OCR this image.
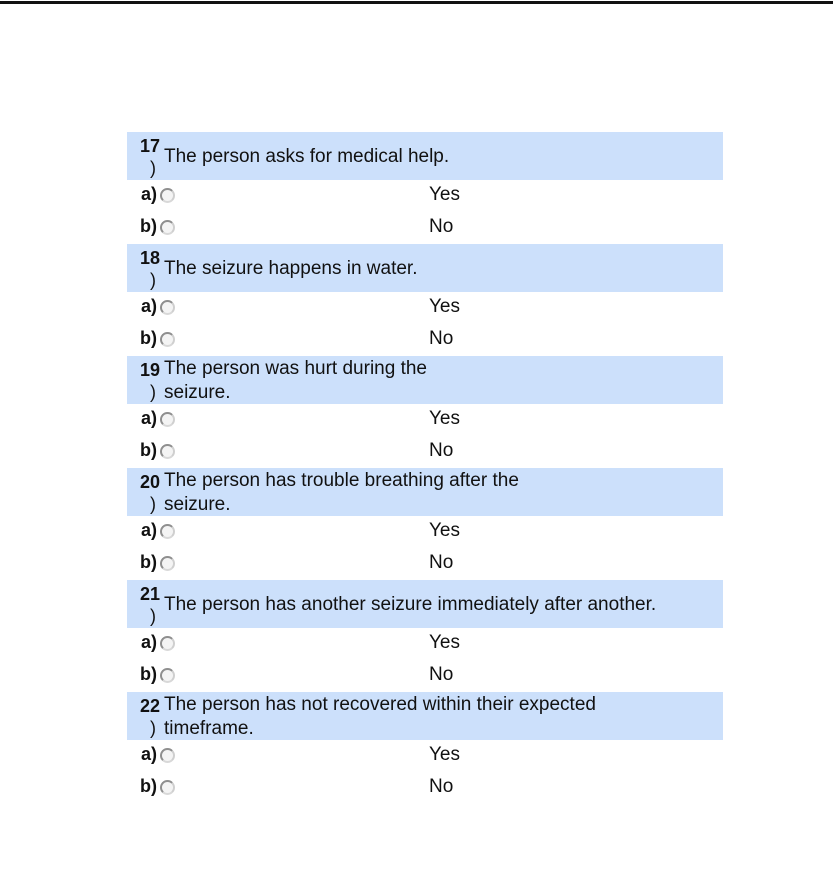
17
)
The person asks for medical help.
a)	Yes
b)	No
18
)
The seizure happens in water.
a)	Yes
b)	No
19
)
The person was hurt during the seizure.
a)	Yes
b)	No
20
)
The person has trouble breathing after the seizure.
a)	Yes
b)	No
21
)
The person has another seizure immediately after another.
a)	Yes
b)	No
22
)
The person has not recovered within their expected timeframe.
a)	Yes
b)	No
